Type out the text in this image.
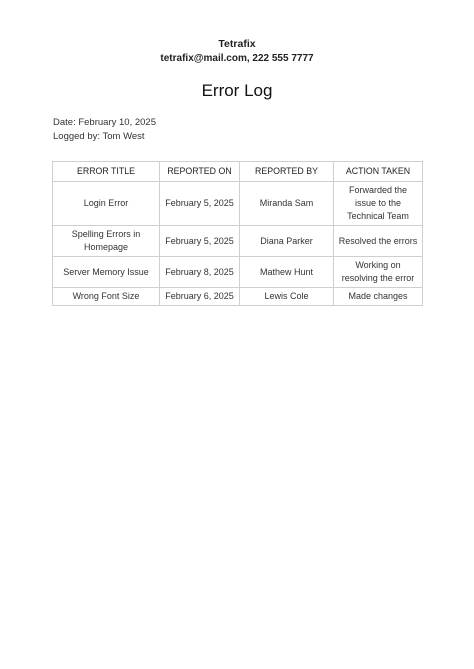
Tetrafix
tetrafix@mail.com, 222 555 7777
Error Log
Date: February 10, 2025
Logged by: Tom West
ERROR TITLE	REPORTED ON	REPORTED BY	ACTION TAKEN
Login Error	February 5, 2025	Miranda Sam	Forwarded the issue to the Technical Team
Spelling Errors in Homepage	February 5, 2025	Diana Parker	Resolved the errors
Server Memory Issue	February 8, 2025	Mathew Hunt	Working on resolving the error
Wrong Font Size	February 6, 2025	Lewis Cole	Made changes
